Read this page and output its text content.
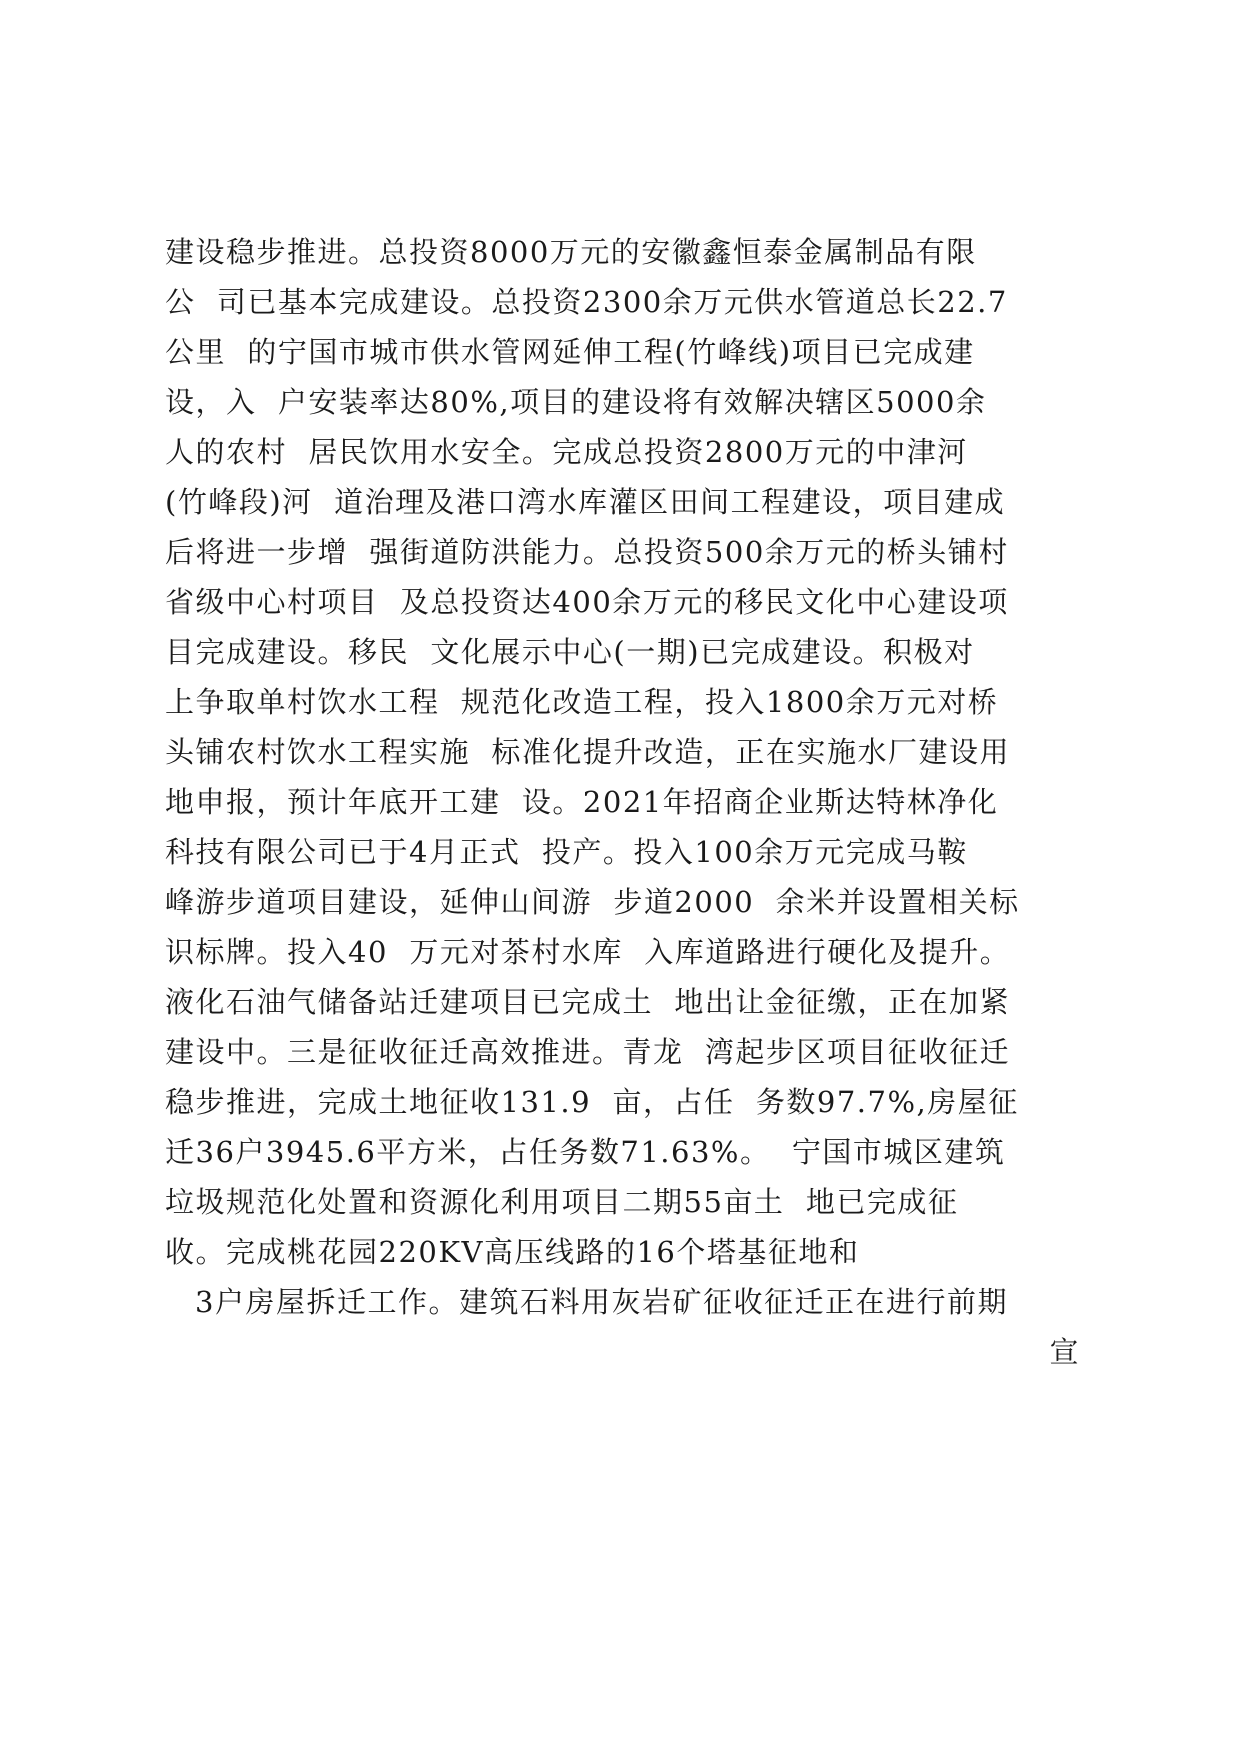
建设稳步推进。总投资8000万元的安徽鑫恒泰金属制品有限
公  司已基本完成建设。总投资2300余万元供水管道总长22.7
公里  的宁国市城市供水管网延伸工程(竹峰线)项目已完成建
设，入  户安装率达80%,项目的建设将有效解决辖区5000余
人的农村  居民饮用水安全。完成总投资2800万元的中津河
(竹峰段)河  道治理及港口湾水库灌区田间工程建设，项目建成
后将进一步增  强街道防洪能力。总投资500余万元的桥头铺村
省级中心村项目  及总投资达400余万元的移民文化中心建设项
目完成建设。移民  文化展示中心(一期)已完成建设。积极对
上争取单村饮水工程  规范化改造工程，投入1800余万元对桥
头铺农村饮水工程实施  标准化提升改造，正在实施水厂建设用
地申报，预计年底开工建  设。2021年招商企业斯达特林净化
科技有限公司已于4月正式  投产。投入100余万元完成马鞍
峰游步道项目建设，延伸山间游  步道2000  余米并设置相关标
识标牌。投入40  万元对茶村水库  入库道路进行硬化及提升。
液化石油气储备站迁建项目已完成土  地出让金征缴，正在加紧
建设中。三是征收征迁高效推进。青龙  湾起步区项目征收征迁
稳步推进，完成土地征收131.9  亩，占任  务数97.7%,房屋征
迁36户3945.6平方米，占任务数71.63%。  宁国市城区建筑
垃圾规范化处置和资源化利用项目二期55亩土  地已完成征
收。完成桃花园220KV高压线路的16个塔基征地和
3户房屋拆迁工作。建筑石料用灰岩矿征收征迁正在进行前期
宣
